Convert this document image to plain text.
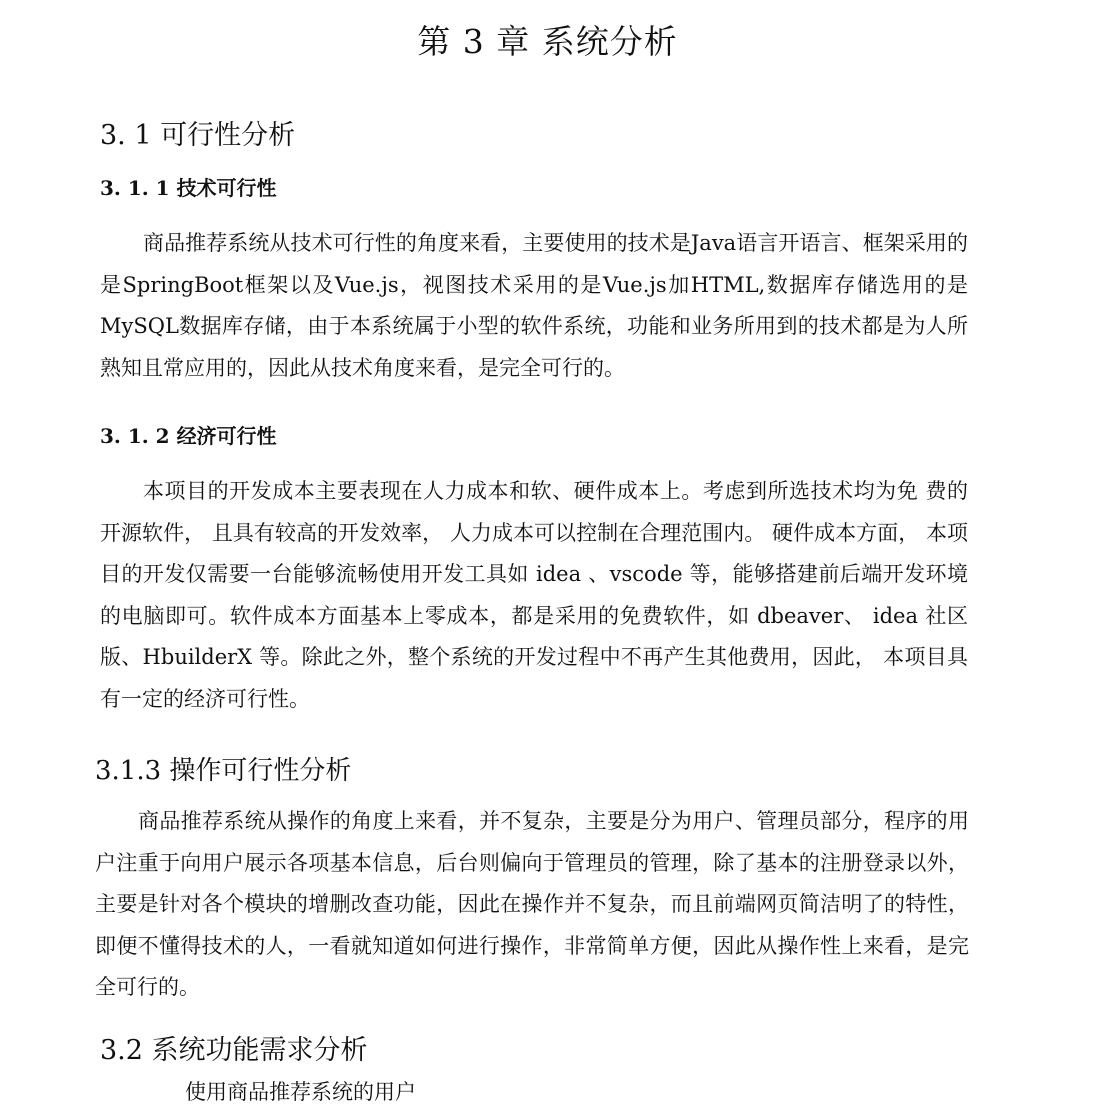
第 3 章 系统分析
3. 1 可行性分析
3. 1. 1 技术可行性

商品推荐系统从技术可行性的角度来看，主要使用的技术是Java语言开语言、框架采用的是SpringBoot框架以及Vue.js，视图技术采用的是Vue.js加HTML,数据库存储选用的是MySQL数据库存储，由于本系统属于小型的软件系统，功能和业务所用到的技术都是为人所熟知且常应用的，因此从技术角度来看，是完全可行的。

3. 1. 2 经济可行性

本项目的开发成本主要表现在人力成本和软、硬件成本上。考虑到所选技术均为免 费的开源软件， 且具有较高的开发效率， 人力成本可以控制在合理范围内。 硬件成本方面， 本项目的开发仅需要一台能够流畅使用开发工具如 idea 、vscode 等，能够搭建前后端开发环境的电脑即可。软件成本方面基本上零成本，都是采用的免费软件，如 dbeaver、 idea 社区版、HbuilderX 等。除此之外，整个系统的开发过程中不再产生其他费用，因此， 本项目具有一定的经济可行性。

3.1.3 操作可行性分析

商品推荐系统从操作的角度上来看，并不复杂，主要是分为用户、管理员部分，程序的用户注重于向用户展示各项基本信息，后台则偏向于管理员的管理，除了基本的注册登录以外，主要是针对各个模块的增删改查功能，因此在操作并不复杂，而且前端网页简洁明了的特性，即便不懂得技术的人，一看就知道如何进行操作，非常简单方便，因此从操作性上来看，是完全可行的。

3.2 系统功能需求分析
使用商品推荐系统的用户
